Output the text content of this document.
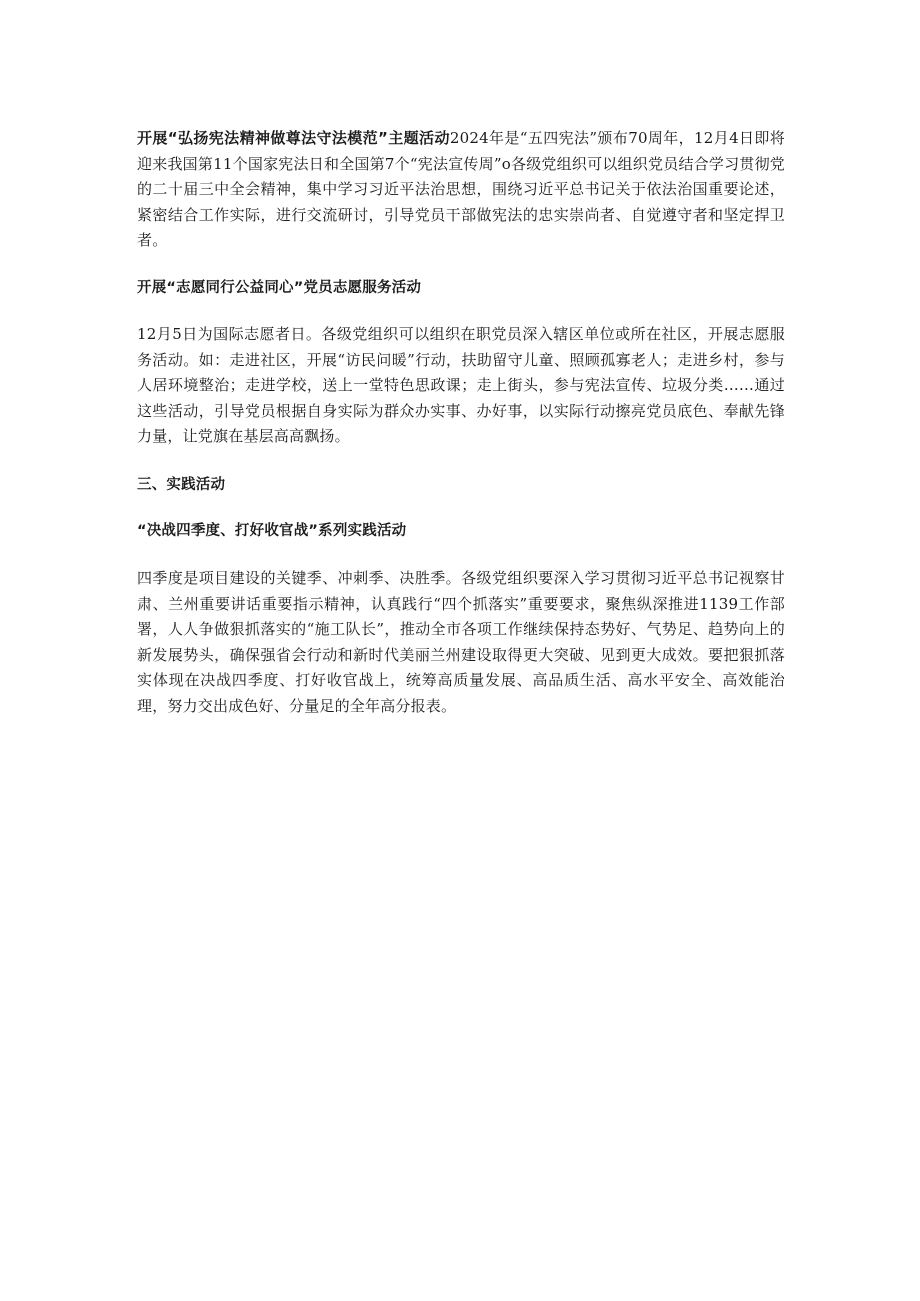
开展“弘扬宪法精神做尊法守法模范”主题活动2024年是“五四宪法”颁布70周年，12月4日即将迎来我国第11个国家宪法日和全国第7个“宪法宣传周”o各级党组织可以组织党员结合学习贯彻党的二十届三中全会精神，集中学习习近平法治思想，围绕习近平总书记关于依法治国重要论述，紧密结合工作实际，进行交流研讨，引导党员干部做宪法的忠实崇尚者、自觉遵守者和坚定捍卫者。

开展“志愿同行公益同心”党员志愿服务活动

12月5日为国际志愿者日。各级党组织可以组织在职党员深入辖区单位或所在社区，开展志愿服务活动。如：走进社区，开展“访民问暖”行动，扶助留守儿童、照顾孤寡老人；走进乡村，参与人居环境整治；走进学校，送上一堂特色思政课；走上街头，参与宪法宣传、垃圾分类……通过这些活动，引导党员根据自身实际为群众办实事、办好事，以实际行动擦亮党员底色、奉献先锋力量，让党旗在基层高高飘扬。

三、实践活动

“决战四季度、打好收官战”系列实践活动

四季度是项目建设的关键季、冲刺季、决胜季。各级党组织要深入学习贯彻习近平总书记视察甘肃、兰州重要讲话重要指示精神，认真践行“四个抓落实”重要要求，聚焦纵深推进1139工作部署，人人争做狠抓落实的“施工队长”，推动全市各项工作继续保持态势好、气势足、趋势向上的新发展势头，确保强省会行动和新时代美丽兰州建设取得更大突破、见到更大成效。要把狠抓落实体现在决战四季度、打好收官战上，统筹高质量发展、高品质生活、高水平安全、高效能治理，努力交出成色好、分量足的全年高分报表。
